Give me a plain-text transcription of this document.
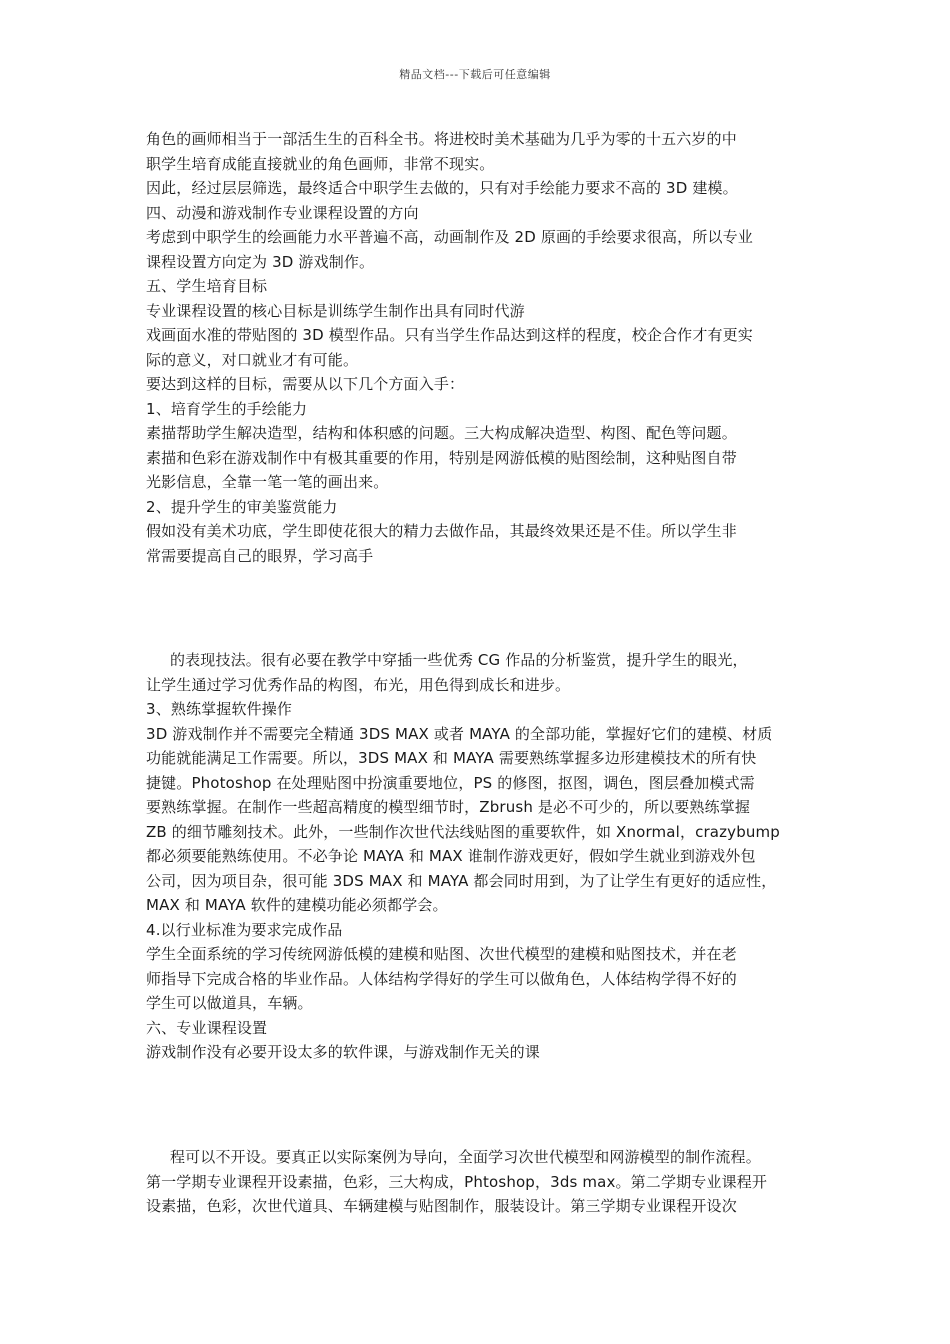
精品文档---下载后可任意编辑
角色的画师相当于一部活生生的百科全书。将进校时美术基础为几乎为零的十五六岁的中
职学生培育成能直接就业的角色画师，非常不现实。
因此，经过层层筛选，最终适合中职学生去做的，只有对手绘能力要求不高的 3D 建模。
四、动漫和游戏制作专业课程设置的方向
考虑到中职学生的绘画能力水平普遍不高，动画制作及 2D 原画的手绘要求很高，所以专业
课程设置方向定为 3D 游戏制作。
五、学生培育目标
专业课程设置的核心目标是训练学生制作出具有同时代游
戏画面水准的带贴图的 3D 模型作品。只有当学生作品达到这样的程度，校企合作才有更实
际的意义，对口就业才有可能。
要达到这样的目标，需要从以下几个方面入手：
1、培育学生的手绘能力
素描帮助学生解决造型，结构和体积感的问题。三大构成解决造型、构图、配色等问题。
素描和色彩在游戏制作中有极其重要的作用，特别是网游低模的贴图绘制，这种贴图自带
光影信息，全靠一笔一笔的画出来。
2、提升学生的审美鉴赏能力
假如没有美术功底，学生即使花很大的精力去做作品，其最终效果还是不佳。所以学生非
常需要提高自己的眼界，学习高手
的表现技法。很有必要在教学中穿插一些优秀 CG 作品的分析鉴赏，提升学生的眼光，
让学生通过学习优秀作品的构图，布光，用色得到成长和进步。
3、熟练掌握软件操作
3D 游戏制作并不需要完全精通 3DS MAX 或者 MAYA 的全部功能，掌握好它们的建模、材质
功能就能满足工作需要。所以，3DS MAX 和 MAYA 需要熟练掌握多边形建模技术的所有快
捷键。Photoshop 在处理贴图中扮演重要地位，PS 的修图，抠图，调色，图层叠加模式需
要熟练掌握。在制作一些超高精度的模型细节时，Zbrush 是必不可少的，所以要熟练掌握
ZB 的细节雕刻技术。此外，一些制作次世代法线贴图的重要软件，如 Xnormal，crazybump
都必须要能熟练使用。不必争论 MAYA 和 MAX 谁制作游戏更好，假如学生就业到游戏外包
公司，因为项目杂，很可能 3DS MAX 和 MAYA 都会同时用到，为了让学生有更好的适应性，
MAX 和 MAYA 软件的建模功能必须都学会。
4.以行业标准为要求完成作品
学生全面系统的学习传统网游低模的建模和贴图、次世代模型的建模和贴图技术，并在老
师指导下完成合格的毕业作品。人体结构学得好的学生可以做角色，人体结构学得不好的
学生可以做道具，车辆。
六、专业课程设置
游戏制作没有必要开设太多的软件课，与游戏制作无关的课
程可以不开设。要真正以实际案例为导向，全面学习次世代模型和网游模型的制作流程。
第一学期专业课程开设素描，色彩，三大构成，Phtoshop，3ds max。第二学期专业课程开
设素描，色彩，次世代道具、车辆建模与贴图制作，服装设计。第三学期专业课程开设次
